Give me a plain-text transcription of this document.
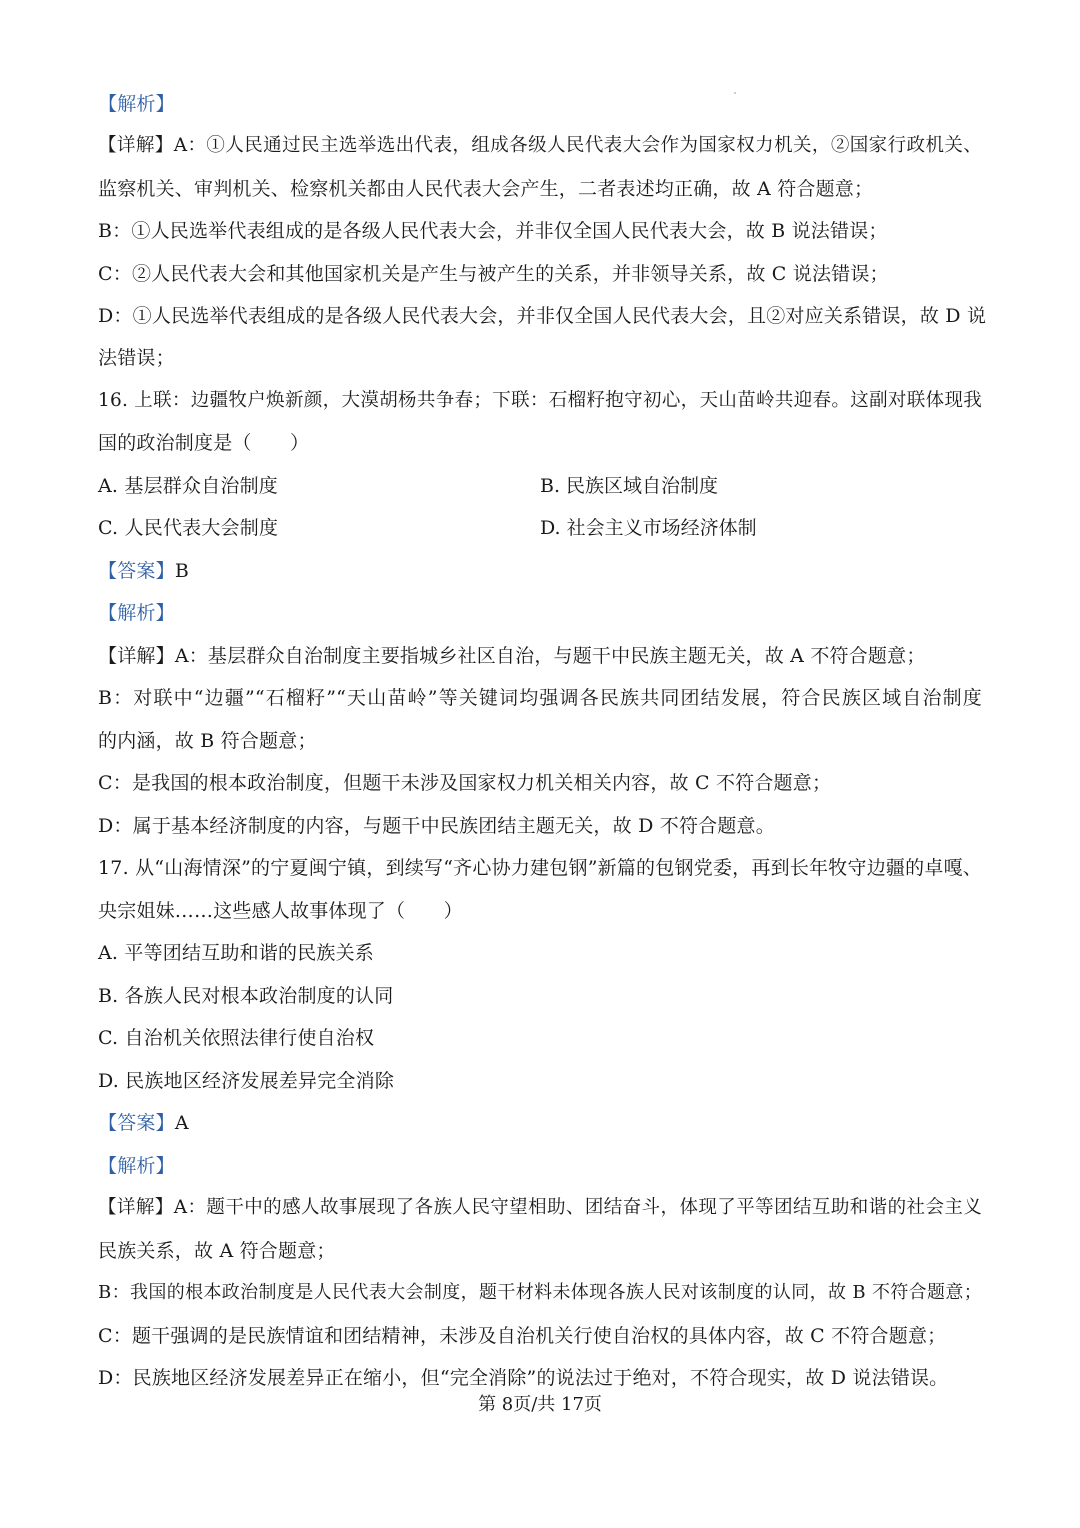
【解析】
【详解】A：①人民通过民主选举选出代表，组成各级人民代表大会作为国家权力机关，②国家行政机关、
监察机关、审判机关、检察机关都由人民代表大会产生，二者表述均正确，故 A 符合题意；
B：①人民选举代表组成的是各级人民代表大会，并非仅全国人民代表大会，故 B 说法错误；
C：②人民代表大会和其他国家机关是产生与被产生的关系，并非领导关系，故 C 说法错误；
D：①人民选举代表组成的是各级人民代表大会，并非仅全国人民代表大会，且②对应关系错误，故 D 说
法错误；
16. 上联：边疆牧户焕新颜，大漠胡杨共争春；下联：石榴籽抱守初心，天山苗岭共迎春。这副对联体现我
国的政治制度是（　　）
A. 基层群众自治制度	B. 民族区域自治制度
C. 人民代表大会制度	D. 社会主义市场经济体制
【答案】B
【解析】
【详解】A：基层群众自治制度主要指城乡社区自治，与题干中民族主题无关，故 A 不符合题意；
B：对联中“边疆”“石榴籽”“天山苗岭”等关键词均强调各民族共同团结发展，符合民族区域自治制度
的内涵，故 B 符合题意；
C：是我国的根本政治制度，但题干未涉及国家权力机关相关内容，故 C 不符合题意；
D：属于基本经济制度的内容，与题干中民族团结主题无关，故 D 不符合题意。
17. 从“山海情深”的宁夏闽宁镇，到续写“齐心协力建包钢”新篇的包钢党委，再到长年牧守边疆的卓嘎、
央宗姐妹……这些感人故事体现了（　　）
A. 平等团结互助和谐的民族关系
B. 各族人民对根本政治制度的认同
C. 自治机关依照法律行使自治权
D. 民族地区经济发展差异完全消除
【答案】A
【解析】
【详解】A：题干中的感人故事展现了各族人民守望相助、团结奋斗，体现了平等团结互助和谐的社会主义
民族关系，故 A 符合题意；
B：我国的根本政治制度是人民代表大会制度，题干材料未体现各族人民对该制度的认同，故 B 不符合题意；
C：题干强调的是民族情谊和团结精神，未涉及自治机关行使自治权的具体内容，故 C 不符合题意；
D：民族地区经济发展差异正在缩小，但“完全消除”的说法过于绝对，不符合现实，故 D 说法错误。
第 8页/共 17页
